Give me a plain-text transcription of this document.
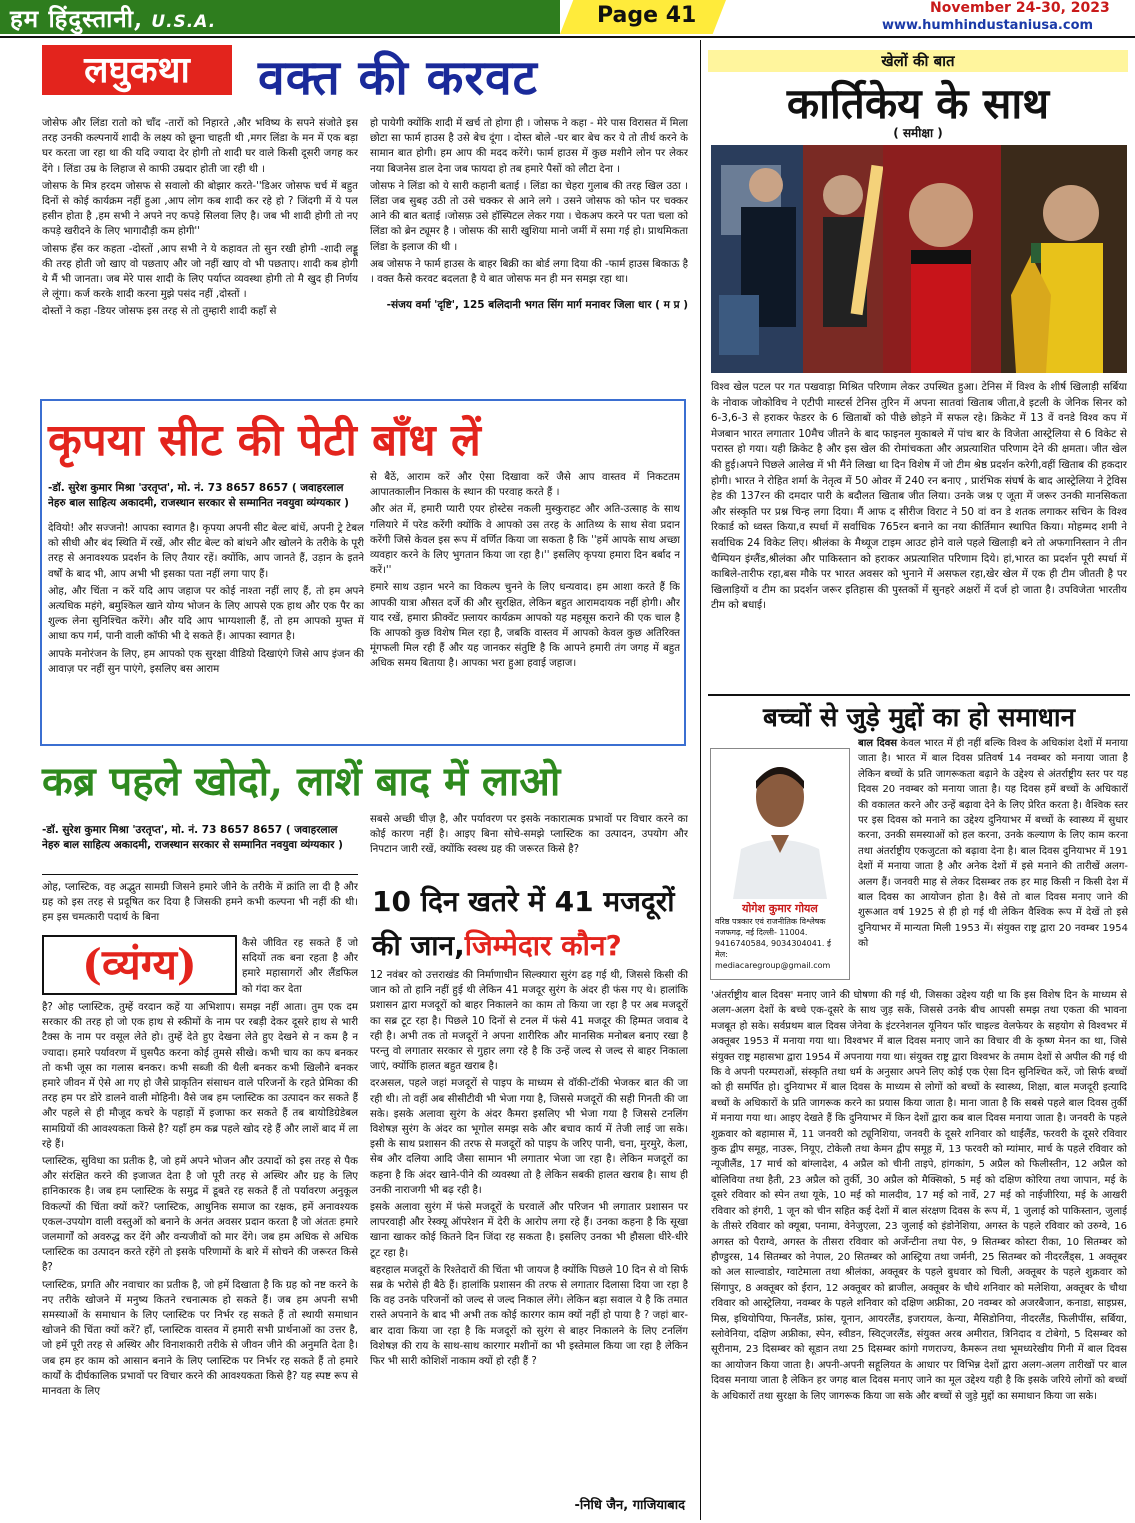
हम हिंदुस्तानी, U.S.A.	Page 41	November 24-30, 2023
www.humhindustaniusa.com
लघुकथा	वक्त की करवट

जोसेफ और लिंडा रातो को चाँद -तारों को निहारते ,और भविष्य के सपने संजोते इस तरह उनकी कल्पनायें शादी के लक्ष्य को छूना चाहती थी ,मगर लिंडा के मन में एक बड़ा घर करता जा रहा था की यदि ज्यादा देर होगी तो शादी घर वाले किसी दूसरी जगह कर देंगे । लिंडा उम्र के लिहाज से काफी उम्रदार होती जा रही थी ।

जोसफ के मित्र हरदम जोसफ से सवालो की बोझार करते-''डिअर जोसफ चर्च में बहुत दिनों से कोई कार्यक्रम नहीं हुआ ,आप लोग कब शादी कर रहे हो ? जिंदगी में ये पल हसीन होता है ,हम सभी ने अपने नए कपड़े सिलवा लिए है। जब भी शादी होगी तो नए कपड़े खरीदने के लिए भागादौड़ी कम होगी''

जोसफ हँस कर कहता -दोस्तों ,आप सभी ने ये कहावत तो सुन रखी होगी -शादी लड्डू की तरह होती जो खाए वो पछताए और जो नहीं खाए वो भी पछताए। शादी कब होगी ये मैं भी जानता। जब मेरे पास शादी के लिए पर्याप्त व्यवस्था होगी तो मै खुद ही निर्णय ले लूंगा। कर्ज करके शादी करना मुझे पसंद नहीं ,दोस्तों ।

दोस्तों ने कहा -डियर जोसफ इस तरह से तो तुम्हारी शादी कहाँ से

हो पायेगी क्योंकि शादी में खर्च तो होगा ही । जोसफ ने कहा - मेरे पास विरासत में मिला छोटा सा फार्म हाउस है उसे बेच दूंगा । दोस्त बोले -घर बार बेच कर ये तो तीर्थ करने के सामान बात होगी। हम आप की मदद करेंगे। फार्म हाउस में कुछ मशीने लोन पर लेकर नया बिजनेस डाल देना जब फायदा हो तब हमारे पैसों को लौटा देना ।

जोसफ ने लिंडा को ये सारी कहानी बताई । लिंडा का चेहरा गुलाब की तरह खिल उठा । लिंडा जब सुबह उठी तो उसे चक्कर से आने लगे । उसने जोसफ को फोन पर चक्कर आने की बात बताई ।जोसफ़ उसे हॉस्पिटल लेकर गया । चेकअप करने पर पता चला को लिंडा को ब्रेन ट्यूमर है । जोसफ की सारी खुशिया मानो जमीं में समा गई हो। प्राथमिकता लिंडा के इलाज की थी ।

अब जोसफ ने फार्म हाउस के बाहर बिक्री का बोर्ड लगा दिया की -फार्म हाउस बिकाऊ है । वक्त कैसे करवट बदलता है ये बात जोसफ मन ही मन समझ रहा था।

-संजय वर्मा 'दृष्टि', 125 बलिदानी भगत सिंग मार्ग मनावर जिला धार ( म प्र )

कृपया सीट की पेटी बाँध लें

-डॉ. सुरेश कुमार मिश्रा 'उरतृप्त', मो. नं. 73 8657 8657 ( जवाहरलाल नेहरु बाल साहित्य अकादमी, राजस्थान सरकार से सम्मानित नवयुवा व्यंग्यकार )

देवियो! और सज्जनो! आपका स्वागत है। कृपया अपनी सीट बेल्ट बांधें, अपनी ट्रे टेबल को सीधी और बंद स्थिति में रखें, और सीट बेल्ट को बांधने और खोलने के तरीके के पूरी तरह से अनावश्यक प्रदर्शन के लिए तैयार रहें। क्योंकि, आप जानते हैं, उड़ान के इतने वर्षों के बाद भी, आप अभी भी इसका पता नहीं लगा पाए हैं।

ओह, और चिंता न करें यदि आप जहाज पर कोई नाश्ता नहीं लाए हैं, तो हम अपने अत्यधिक महंगे, बमुश्किल खाने योग्य भोजन के लिए आपसे एक हाथ और एक पैर का शुल्क लेना सुनिश्चित करेंगे। और यदि आप भाग्यशाली हैं, तो हम आपको मुफ्त में आधा कप गर्म, पानी वाली कॉफी भी दे सकते हैं। आपका स्वागत है।

आपके मनोरंजन के लिए, हम आपको एक सुरक्षा वीडियो दिखाएंगे जिसे आप इंजन की आवाज़ पर नहीं सुन पाएंगे, इसलिए बस आराम

से बैठें, आराम करें और ऐसा दिखावा करें जैसे आप वास्तव में निकटतम आपातकालीन निकास के स्थान की परवाह करते हैं ।

और अंत में, हमारी प्यारी एयर होस्टेस नकली मुस्कुराहट और अति-उत्साह के साथ गलियारे में परेड करेंगी क्योंकि वे आपको उस तरह के आतिथ्य के साथ सेवा प्रदान करेंगी जिसे केवल इस रूप में वर्णित किया जा सकता है कि ''हमें आपके साथ अच्छा व्यवहार करने के लिए भुगतान किया जा रहा है।'' इसलिए कृपया हमारा दिन बर्बाद न करें।''

हमारे साथ उड़ान भरने का विकल्प चुनने के लिए धन्यवाद। हम आशा करते हैं कि आपकी यात्रा औसत दर्जे की और सुरक्षित, लेकिन बहुत आरामदायक नहीं होगी। और याद रखें, हमारा फ्रीक्वेंट फ़्लायर कार्यक्रम आपको यह महसूस कराने की एक चाल है कि आपको कुछ विशेष मिल रहा है, जबकि वास्तव में आपको केवल कुछ अतिरिक्त मूंगफली मिल रही हैं और यह जानकर संतुष्टि है कि आपने हमारी तंग जगह में बहुत अधिक समय बिताया है। आपका भरा हुआ हवाई जहाज।

कब्र पहले खोदो, लाशें बाद में लाओ

-डॉ. सुरेश कुमार मिश्रा 'उरतृप्त', मो. नं. 73 8657 8657 ( जवाहरलाल नेहरु बाल साहित्य अकादमी, राजस्थान सरकार से सम्मानित नवयुवा व्यंग्यकार )

सबसे अच्छी चीज़ है, और पर्यावरण पर इसके नकारात्मक प्रभावों पर विचार करने का कोई कारण नहीं है। आइए बिना सोचे-समझे प्लास्टिक का उत्पादन, उपयोग और निपटान जारी रखें, क्योंकि स्वस्थ ग्रह की जरूरत किसे है?

ओह, प्लास्टिक, वह अद्भुत सामग्री जिसने हमारे जीने के तरीके में क्रांति ला दी है और ग्रह को इस तरह से प्रदूषित कर दिया है जिसकी हमने कभी कल्पना भी नहीं की थी। हम इस चमत्कारी पदार्थ के बिना

(व्यंग्य)	कैसे जीवित रह सकते हैं जो सदियों तक बना रहता है और हमारे महासागरों और लैंडफिल को गंदा कर देता

है? ओह प्लास्टिक, तुम्हें वरदान कहें या अभिशाप। समझ नहीं आता। तुम एक दम सरकार की तरह हो जो एक हाथ से स्कीमों के नाम पर रबड़ी देकर दूसरे हाथ से भारी टैक्स के नाम पर वसूल लेते हो। तुम्हें देते हुए देखना लेते हुए देखने से न कम है न ज्यादा। हमारे पर्यावरण में घुसपैठ करना कोई तुमसे सीखे। कभी चाय का कप बनकर तो कभी जूस का गलास बनकर। कभी सब्जी की थैली बनकर कभी खिलौने बनकर हमारे जीवन में ऐसे आ गए हो जैसे प्राकृतिन संसाधन वाले परिजनों के रहते प्रेमिका की तरह हम पर डोरे डालने वाली मोहिनी। वैसे जब हम प्लास्टिक का उत्पादन कर सकते हैं और पहले से ही मौजूद कचरे के पहाड़ों में इजाफा कर सकते हैं तब बायोडिग्रेडेबल सामग्रियों की आवश्यकता किसे है? यहाँ हम कब्र पहले खोद रहे हैं और लाशें बाद में ला रहे हैं।

प्लास्टिक, सुविधा का प्रतीक है, जो हमें अपने भोजन और उत्पादों को इस तरह से पैक और संरक्षित करने की इजाजत देता है जो पूरी तरह से अस्थिर और ग्रह के लिए हानिकारक है। जब हम प्लास्टिक के समुद्र में डूबते रह सकते हैं तो पर्यावरण अनुकूल विकल्पों की चिंता क्यों करें? प्लास्टिक, आधुनिक समाज का रक्षक, हमें अनावश्यक एकल-उपयोग वाली वस्तुओं को बनाने के अनंत अवसर प्रदान करता है जो अंततः हमारे जलमार्गों को अवरुद्ध कर देंगे और वन्यजीवों को मार देंगे। जब हम अधिक से अधिक प्लास्टिक का उत्पादन करते रहेंगे तो इसके परिणामों के बारे में सोचने की जरूरत किसे है?

प्लास्टिक, प्रगति और नवाचार का प्रतीक है, जो हमें दिखाता है कि ग्रह को नष्ट करने के नए तरीके खोजने में मनुष्य कितने रचनात्मक हो सकते हैं। जब हम अपनी सभी समस्याओं के समाधान के लिए प्लास्टिक पर निर्भर रह सकते हैं तो स्थायी समाधान खोजने की चिंता क्यों करें? हाँ, प्लास्टिक वास्तव में हमारी सभी प्रार्थनाओं का उत्तर है, जो हमें पूरी तरह से अस्थिर और विनाशकारी तरीके से जीवन जीने की अनुमति देता है। जब हम हर काम को आसान बनाने के लिए प्लास्टिक पर निर्भर रह सकते हैं तो हमारे कार्यों के दीर्घकालिक प्रभावों पर विचार करने की आवश्यकता किसे है? यह स्पष्ट रूप से मानवता के लिए

10 दिन खतरे में 41 मजदूरों
की जान,जिम्मेदार कौन?

12 नवंबर को उत्तराखंड की निर्माणाधीन सिल्क्यारा सुरंग ढह गई थी, जिससे किसी की जान को तो हानि नहीं हुई थी लेकिन 41 मजदूर सुरंग के अंदर ही फंस गए थे। हालांकि प्रशासन द्वारा मजदूरों को बाहर निकालने का काम तो किया जा रहा है पर अब मजदूरों का सब्र टूट रहा है। पिछले 10 दिनों से टनल में फंसे 41 मजदूर की हिम्मत जवाब दे रही है। अभी तक तो मजदूरों ने अपना शारीरिक और मानसिक मनोबल बनाए रखा है परन्तु वो लगातार सरकार से गुहार लगा रहे है कि उन्हें जल्द से जल्द से बाहर निकाला जाएं, क्योंकि हालत बहुत खराब है।

दरअसल, पहले जहां मजदूरों से पाइप के माध्यम से वॉकी-टॉकी भेजकर बात की जा रही थी। तो वहीं अब सीसीटीवी भी भेजा गया है, जिससे मजदूरों की सही गिनती की जा सके। इसके अलावा सुरंग के अंदर कैमरा इसलिए भी भेजा गया है जिससे टनलिंग विशेषज्ञ सुरंग के अंदर का भूगोल समझ सके और बचाव कार्य में तेजी लाई जा सके। इसी के साथ प्रशासन की तरफ से मजदूरों को पाइप के जरिए पानी, चना, मुरमुरे, केला, सेब और दलिया आदि जैसा सामान भी लगातार भेजा जा रहा है। लेकिन मजदूरों का कहना है कि अंदर खाने-पीने की व्यवस्था तो है लेकिन सबकी हालत खराब है। साथ ही उनकी नाराजगी भी बढ़ रही है।

इसके अलावा सुरंग में फंसे मजदूरों के घरवालें और परिजन भी लगातार प्रशासन पर लापरवाही और रेस्क्यू ऑपरेशन में देरी के आरोप लगा रहे हैं। उनका कहना है कि सूखा खाना खाकर कोई कितने दिन जिंदा रह सकता है। इसलिए उनका भी हौसला धीरे-धीरे टूट रहा है।

बहरहाल मजदूरों के रिश्तेदारों की चिंता भी जायज है क्योंकि पिछले 10 दिन से वो सिर्फ सब्र के भरोसे ही बैठे हैं। हालांकि प्रशासन की तरफ से लगातार दिलासा दिया जा रहा है कि वह उनके परिजनों को जल्द से जल्द निकाल लेंगे। लेकिन बड़ा सवाल ये है कि तमात रास्ते अपनाने के बाद भी अभी तक कोई कारगर काम क्यों नहीं हो पाया है ? जहां बार-बार दावा किया जा रहा है कि मजदूरों को सुरंग से बाहर निकालने के लिए टनलिंग विशेषज्ञ की राय के साथ-साथ कारगार मशीनों का भी इस्तेमाल किया जा रहा है लेकिन फिर भी सारी कोशिशें नाकाम क्यों हो रही हैं ?

-निधि जैन, गाजियाबाद
खेलों की बात
कार्तिकेय के साथ
( समीक्षा )

विश्व खेल पटल पर गत पखवाड़ा मिश्रित परिणाम लेकर उपस्थित हुआ। टेनिस में विश्व के शीर्ष खिलाड़ी सर्बिया के नोवाक जोकोविच ने एटीपी मास्टर्स टेनिस तुरिन में अपना सातवां खिताब जीता,वे इटली के जेनिक सिनर को 6-3,6-3 से हराकर फेडरर के 6 खिताबों को पीछे छोड़ने में सफल रहे। क्रिकेट में 13 वें वनडे विश्व कप में मेजबान भारत लगातार 10मैच जीतने के बाद फाइनल मुकाबले में पांच बार के विजेता आस्ट्रेलिया से 6 विकेट से परास्त हो गया। यही क्रिकेट है और इस खेल की रोमांचकता और अप्रत्याशित परिणाम देने की क्षमता। जीत खेल की हुई।अपने पिछले आलेख में भी मैंने लिखा था दिन विशेष में जो टीम श्रेष्ठ प्रदर्शन करेगी,वहीं खिताब की हकदार होगी। भारत ने रोहित शर्मा के नेतृत्व में 50 ओवर में 240 रन बनाए , प्रारंभिक संघर्ष के बाद आस्ट्रेलिया ने ट्रेविस हेड की 137रन की दमदार पारी के बदौलत खिताब जीत लिया। उनके जश्न ए जूता में जरूर उनकी मानसिकता और संस्कृति पर प्रश्न चिन्ह लगा दिया। मैं आफ द सीरीज विराट ने 50 वां वन डे शतक लगाकर सचिन के विश्व रिकार्ड को ध्वस्त किया,व स्पर्धा में सर्वाधिक 765रन बनाने का नया कीर्तिमान स्थापित किया। मोहम्मद शमी ने सर्वाधिक 24 विकेट लिए। श्रीलंका के मैथ्यूज टाइम आउट होने वाले पहले खिलाड़ी बने तो अफगानिस्तान ने तीन चैम्पियन इंग्लैंड,श्रीलंका और पाकिस्तान को हराकर अप्रत्याशित परिणाम दिये। हां,भारत का प्रदर्शन पूरी स्पर्धा में काबिले-तारीफ रहा,बस मौके पर भारत अवसर को भुनाने में असफल रहा,खेर खेल में एक ही टीम जीतती है पर खिलाड़ियों व टीम का प्रदर्शन जरूर इतिहास की पुस्तकों में सुनहरे अक्षरों में दर्ज हो जाता है। उपविजेता भारतीय टीम को बधाई।

बच्चों से जुड़े मुद्दों का हो समाधान
योगेश कुमार गोयल
वरिष्ठ पत्रकार एवं राजनीतिक विश्लेषक नजफगढ़, नई दिल्ली- 11004. 9416740584, 9034304041. ई मेल: mediacaregroup@gmail.com

बाल दिवस केवल भारत में ही नहीं बल्कि विश्व के अधिकांश देशों में मनाया जाता है। भारत में बाल दिवस प्रतिवर्ष 14 नवम्बर को मनाया जाता है लेकिन बच्चों के प्रति जागरूकता बढ़ाने के उद्देश्य से अंतर्राष्ट्रीय स्तर पर यह दिवस 20 नवम्बर को मनाया जाता है। यह दिवस हमें बच्चों के अधिकारों की वकालत करने और उन्हें बढ़ावा देने के लिए प्रेरित करता है। वैश्विक स्तर पर इस दिवस को मनाने का उद्देश्य दुनियाभर में बच्चों के स्वास्थ्य में सुधार करना, उनकी समस्याओं को हल करना, उनके कल्याण के लिए काम करना तथा अंतर्राष्ट्रीय एकजुटता को बढ़ावा देना है। बाल दिवस दुनियाभर में 191 देशों में मनाया जाता है और अनेक देशों में इसे मनाने की तारीखें अलग-अलग हैं। जनवरी माह से लेकर दिसम्बर तक हर माह किसी न किसी देश में बाल दिवस का आयोजन होता है। वैसे तो बाल दिवस मनाए जाने की शुरूआत वर्ष 1925 से ही हो गई थी लेकिन वैश्विक रूप में देखें तो इसे दुनियाभर में मान्यता मिली 1953 में। संयुक्त राष्ट्र द्वारा 20 नवम्बर 1954 को

'अंतर्राष्ट्रीय बाल दिवस' मनाए जाने की घोषणा की गई थी, जिसका उद्देश्य यही था कि इस विशेष दिन के माध्यम से अलग-अलग देशों के बच्चे एक-दूसरे के साथ जुड़ सकें, जिससे उनके बीच आपसी समझ तथा एकता की भावना मजबूत हो सके। सर्वप्रथम बाल दिवस जेनेवा के इंटरनेशनल यूनियन फॉर चाइल्ड वेलफेयर के सहयोग से विश्वभर में अक्तूबर 1953 में मनाया गया था। विश्वभर में बाल दिवस मनाए जाने का विचार वी के कृष्ण मेनन का था, जिसे संयुक्त राष्ट्र महासभा द्वारा 1954 में अपनाया गया था। संयुक्त राष्ट्र द्वारा विश्वभर के तमाम देशों से अपील की गई थी कि वे अपनी परम्पराओं, संस्कृति तथा धर्म के अनुसार अपने लिए कोई एक ऐसा दिन सुनिश्चित करें, जो सिर्फ बच्चों को ही समर्पित हो। दुनियाभर में बाल दिवस के माध्यम से लोगों को बच्चों के स्वास्थ्य, शिक्षा, बाल मजदूरी इत्यादि बच्चों के अधिकारों के प्रति जागरूक करने का प्रयास किया जाता है। माना जाता है कि सबसे पहले बाल दिवस तुर्की में मनाया गया था। आइए देखते हैं कि दुनियाभर में किन देशों द्वारा कब बाल दिवस मनाया जाता है। जनवरी के पहले शुक्रवार को बहामास में, 11 जनवरी को ट्यूनिशिया, जनवरी के दूसरे शनिवार को थाईलैंड, फरवरी के दूसरे रविवार कुक द्वीप समूह, नाउरू, नियूए, टोकेलौ तथा केमन द्वीप समूह में, 13 फरवरी को म्यांमार, मार्च के पहले रविवार को न्यूजीलैंड, 17 मार्च को बांग्लादेश, 4 अप्रैल को चीनी ताइपे, हांगकांग, 5 अप्रैल को फिलीस्तीन, 12 अप्रैल को बोलिविया तथा हैती, 23 अप्रैल को तुर्की, 30 अप्रैल को मैक्सिको, 5 मई को दक्षिण कोरिया तथा जापान, मई के दूसरे रविवार को स्पेन तथा यूके, 10 मई को मालदीव, 17 मई को नार्वे, 27 मई को नाईजीरिया, मई के आखरी रविवार को हंगरी, 1 जून को चीन सहित कई देशों में बाल संरक्षण दिवस के रूप में, 1 जुलाई को पाकिस्तान, जुलाई के तीसरे रविवार को क्यूबा, पनामा, वेनेजुएला, 23 जुलाई को इंडोनेशिया, अगस्त के पहले रविवार को उरुग्वे, 16 अगस्त को पैराग्वे, अगस्त के तीसरा रविवार को अर्जेन्टीना तथा पेरु, 9 सितम्बर कोस्टा रीका, 10 सितम्बर को हौण्डुरस, 14 सितम्बर को नेपाल, 20 सितम्बर को आस्ट्रिया तथा जर्मनी, 25 सितम्बर को नीदरलैंड्स, 1 अक्तूबर को अल साल्वाडोर, ग्वाटेमाला तथा श्रीलंका, अक्तूबर के पहले बुधवार को चिली, अक्तूबर के पहले शुक्रवार को सिंगापुर, 8 अक्तूबर को ईरान, 12 अक्तूबर को ब्राजील, अक्तूबर के चौथे शनिवार को मलेशिया, अक्तूबर के चौथा रविवार को आस्ट्रेलिया, नवम्बर के पहले शनिवार को दक्षिण अफ्रीका, 20 नवम्बर को अजरबैजान, कनाडा, साइप्रस, मिस्र, इथियोपिया, फिनलैंड, फ्रांस, यूनान, आयरलैंड, इजरायल, केन्या, मैसिडोनिया, नीदरलैंड, फिलीपींस, सर्बिया, स्लोवेनिया, दक्षिण अफ्रीका, स्पेन, स्वीडन, स्विट्जरलैंड, संयुक्त अरब अमीरात, त्रिनिदाद व टोबेगो, 5 दिसम्बर को सूरीनाम, 23 दिसम्बर को सूडान तथा 25 दिसम्बर कांगो गणराज्य, कैमरून तथा भूमध्यरेखीय गिनी में बाल दिवस का आयोजन किया जाता है। अपनी-अपनी सहूलियत के आधार पर विभिन्न देशों द्वारा अलग-अलग तारीखों पर बाल दिवस मनाया जाता है लेकिन हर जगह बाल दिवस मनाए जाने का मूल उद्देश्य यही है कि इसके जरिये लोगों को बच्चों के अधिकारों तथा सुरक्षा के लिए जागरूक किया जा सके और बच्चों से जुड़े मुद्दों का समाधान किया जा सके।
